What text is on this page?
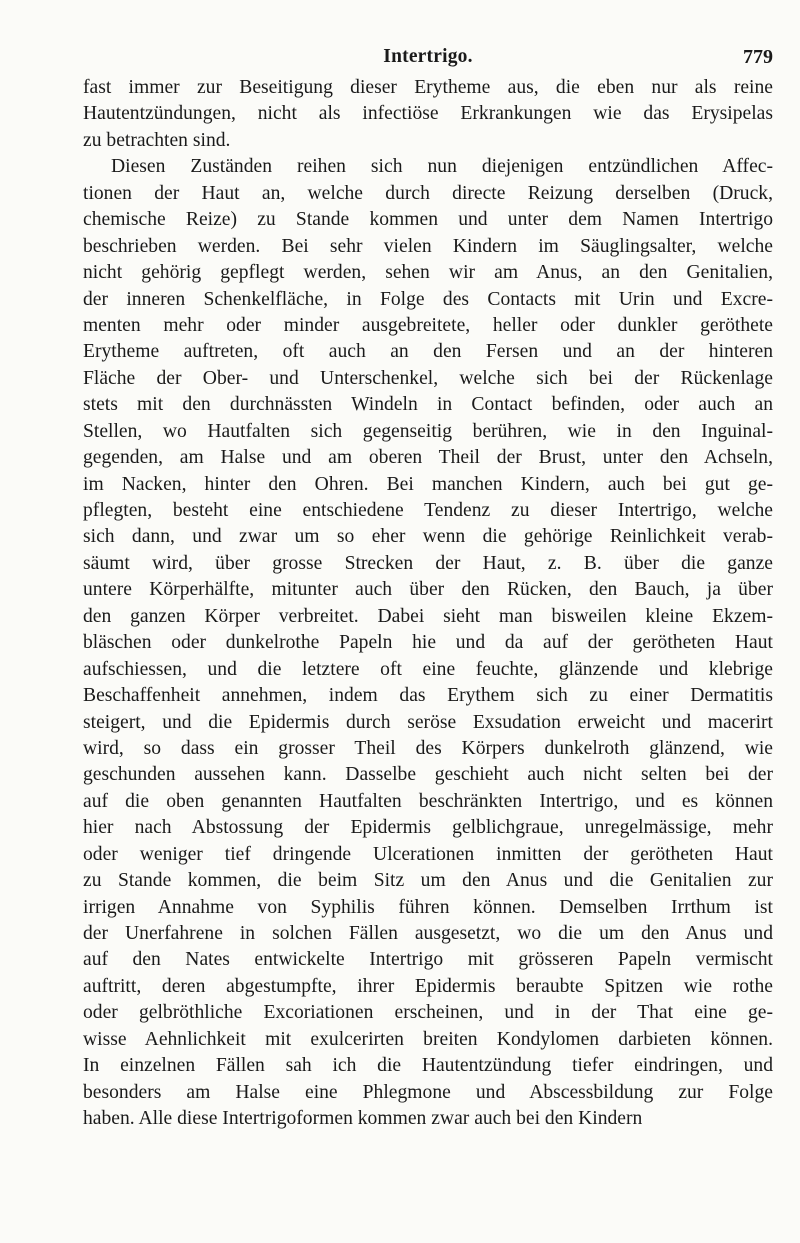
Intertrigo.	779
fast immer zur Beseitigung dieser Erytheme aus, die eben nur als reine
Hautentzündungen, nicht als infectiöse Erkrankungen wie das Erysipelas
zu betrachten sind.
Diesen Zuständen reihen sich nun diejenigen entzündlichen Affec-
tionen der Haut an, welche durch directe Reizung derselben (Druck,
chemische Reize) zu Stande kommen und unter dem Namen Intertrigo
beschrieben werden. Bei sehr vielen Kindern im Säuglingsalter, welche
nicht gehörig gepflegt werden, sehen wir am Anus, an den Genitalien,
der inneren Schenkelfläche, in Folge des Contacts mit Urin und Excre-
menten mehr oder minder ausgebreitete, heller oder dunkler geröthete
Erytheme auftreten, oft auch an den Fersen und an der hinteren
Fläche der Ober- und Unterschenkel, welche sich bei der Rückenlage
stets mit den durchnässten Windeln in Contact befinden, oder auch an
Stellen, wo Hautfalten sich gegenseitig berühren, wie in den Inguinal-
gegenden, am Halse und am oberen Theil der Brust, unter den Achseln,
im Nacken, hinter den Ohren. Bei manchen Kindern, auch bei gut ge-
pflegten, besteht eine entschiedene Tendenz zu dieser Intertrigo, welche
sich dann, und zwar um so eher wenn die gehörige Reinlichkeit verab-
säumt wird, über grosse Strecken der Haut, z. B. über die ganze
untere Körperhälfte, mitunter auch über den Rücken, den Bauch, ja über
den ganzen Körper verbreitet. Dabei sieht man bisweilen kleine Ekzem-
bläschen oder dunkelrothe Papeln hie und da auf der gerötheten Haut
aufschiessen, und die letztere oft eine feuchte, glänzende und klebrige
Beschaffenheit annehmen, indem das Erythem sich zu einer Dermatitis
steigert, und die Epidermis durch seröse Exsudation erweicht und macerirt
wird, so dass ein grosser Theil des Körpers dunkelroth glänzend, wie
geschunden aussehen kann. Dasselbe geschieht auch nicht selten bei der
auf die oben genannten Hautfalten beschränkten Intertrigo, und es können
hier nach Abstossung der Epidermis gelblichgraue, unregelmässige, mehr
oder weniger tief dringende Ulcerationen inmitten der gerötheten Haut
zu Stande kommen, die beim Sitz um den Anus und die Genitalien zur
irrigen Annahme von Syphilis führen können. Demselben Irrthum ist
der Unerfahrene in solchen Fällen ausgesetzt, wo die um den Anus und
auf den Nates entwickelte Intertrigo mit grösseren Papeln vermischt
auftritt, deren abgestumpfte, ihrer Epidermis beraubte Spitzen wie rothe
oder gelbröthliche Excoriationen erscheinen, und in der That eine ge-
wisse Aehnlichkeit mit exulcerirten breiten Kondylomen darbieten können.
In einzelnen Fällen sah ich die Hautentzündung tiefer eindringen, und
besonders am Halse eine Phlegmone und Abscessbildung zur Folge
haben. Alle diese Intertrigoformen kommen zwar auch bei den Kindern
